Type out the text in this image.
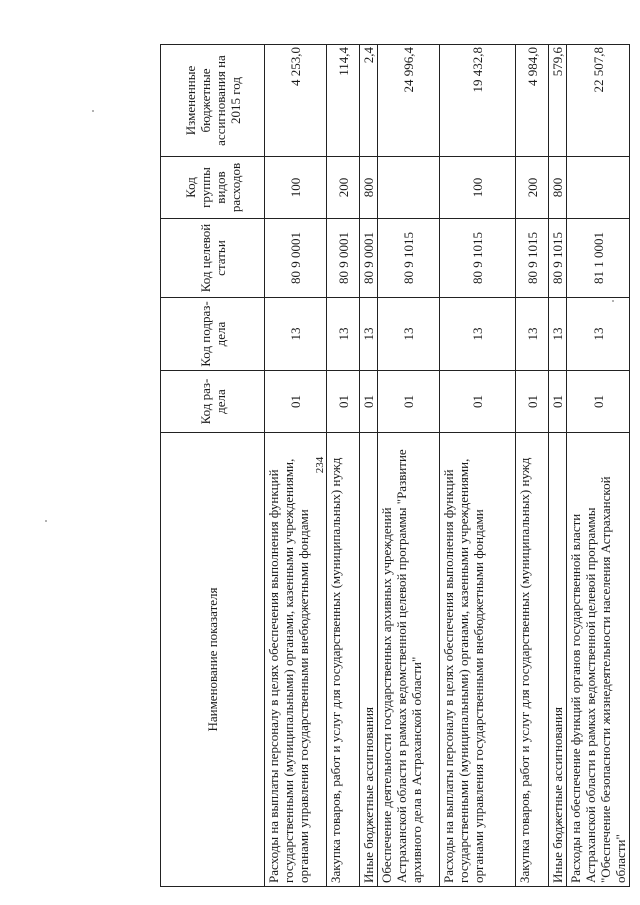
234
Наименование показателя	Код раз-дела	Код подраз-дела	Код целевой статьи	Код группы видов расходов	Измененные бюджетные ассигнования на 2015 год
Расходы на выплаты персоналу в целях обеспечения выполнения функций государственными (муниципальными) органами, казенными учреждениями, органами управления государственными внебюджетными фондами	01	13	80 9 0001	100	4 253,0
Закупка товаров, работ и услуг для государственных (муниципальных) нужд	01	13	80 9 0001	200	114,4
Иные бюджетные ассигнования	01	13	80 9 0001	800	2,4
Обеспечение деятельности государственных архивных учреждений Астраханской области в рамках ведомственной целевой программы "Развитие архивного дела в Астраханской области"	01	13	80 9 1015		24 996,4
Расходы на выплаты персоналу в целях обеспечения выполнения функций государственными (муниципальными) органами, казенными учреждениями, органами управления государственными внебюджетными фондами	01	13	80 9 1015	100	19 432,8
Закупка товаров, работ и услуг для государственных (муниципальных) нужд	01	13	80 9 1015	200	4 984,0
Иные бюджетные ассигнования	01	13	80 9 1015	800	579,6
Расходы на обеспечение функций органов государственной власти Астраханской области в рамках ведомственной целевой программы "Обеспечение безопасности жизнедеятельности населения Астраханской области"	01	13	81 1 0001		22 507,8
